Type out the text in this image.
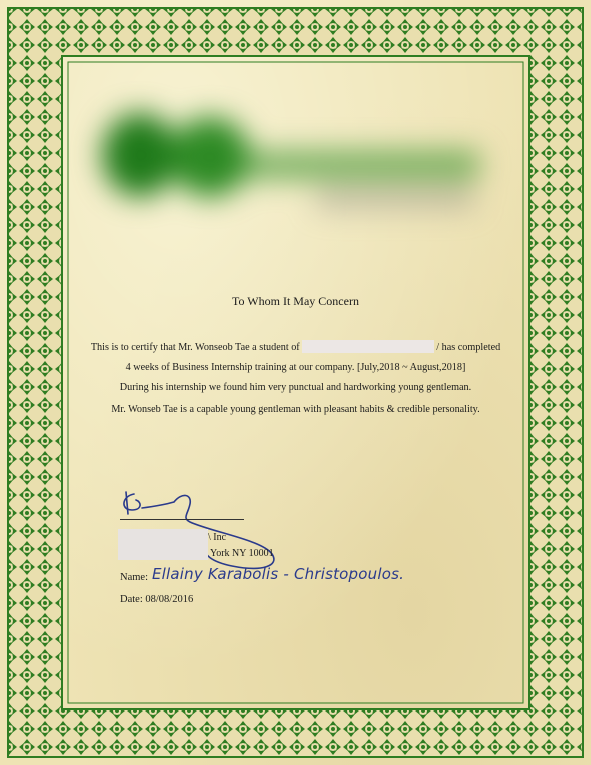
To Whom It May Concern
This is to certify that Mr. Wonseob Tae a student of	/ has completed
4 weeks of Business Internship training at our company. [July,2018 ~ August,2018]
During his internship we found him very punctual and hardworking young gentleman.
Mr. Wonseb Tae is a capable young gentleman with pleasant habits & credible personality.
\ Inc
York NY 10001
Name: Ellainy Karabolis - Christopoulos.
Date: 08/08/2016
